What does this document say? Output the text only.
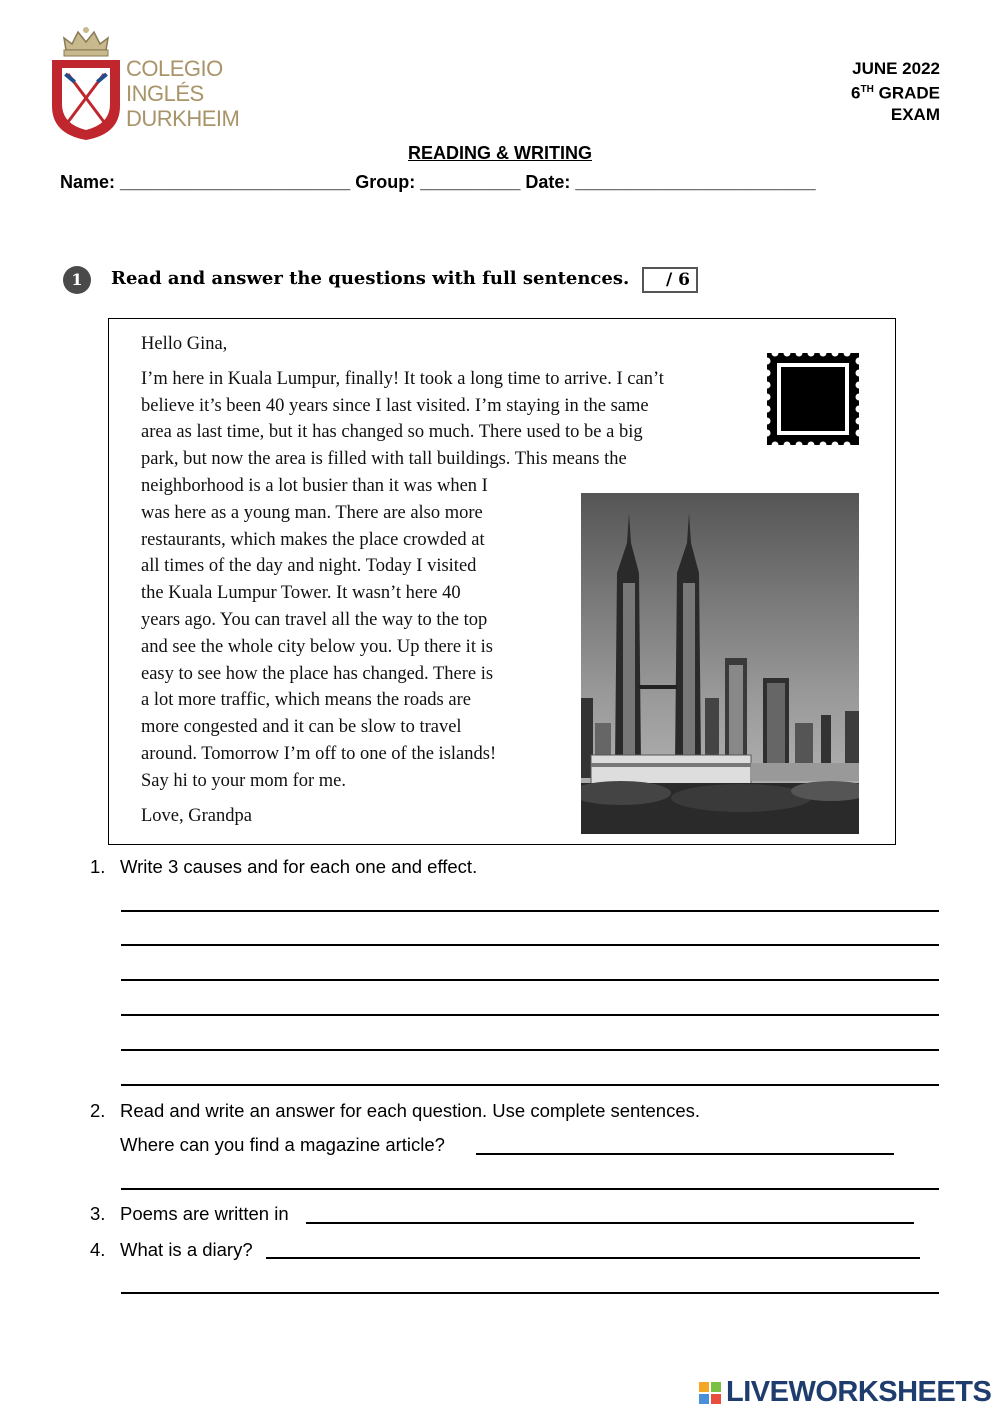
COLEGIO
INGLÉS
DURKHEIM
JUNE 2022
6TH GRADE
EXAM
READING & WRITING
Name: _______________________ Group: __________ Date: ________________________
1	Read and answer the questions with full sentences.	/ 6

Hello Gina,

I’m here in Kuala Lumpur, finally! It took a long time to arrive. I can’t

believe it’s been 40 years since I last visited. I’m staying in the same

area as last time, but it has changed so much. There used to be a big

park, but now the area is filled with tall buildings. This means the

neighborhood is a lot busier than it was when I

was here as a young man. There are also more

restaurants, which makes the place crowded at

all times of the day and night. Today I visited

the Kuala Lumpur Tower. It wasn’t here 40

years ago. You can travel all the way to the top

and see the whole city below you. Up there it is

easy to see how the place has changed. There is

a lot more traffic, which means the roads are

more congested and it can be slow to travel

around. Tomorrow I’m off to one of the islands!

Say hi to your mom for me.

Love, Grandpa

1. Write 3 causes and for each one and effect.
2. Read and write an answer for each question. Use complete sentences.
Where can you find a magazine article?
3. Poems are written in
4. What is a diary?
LIVEWORKSHEETS
